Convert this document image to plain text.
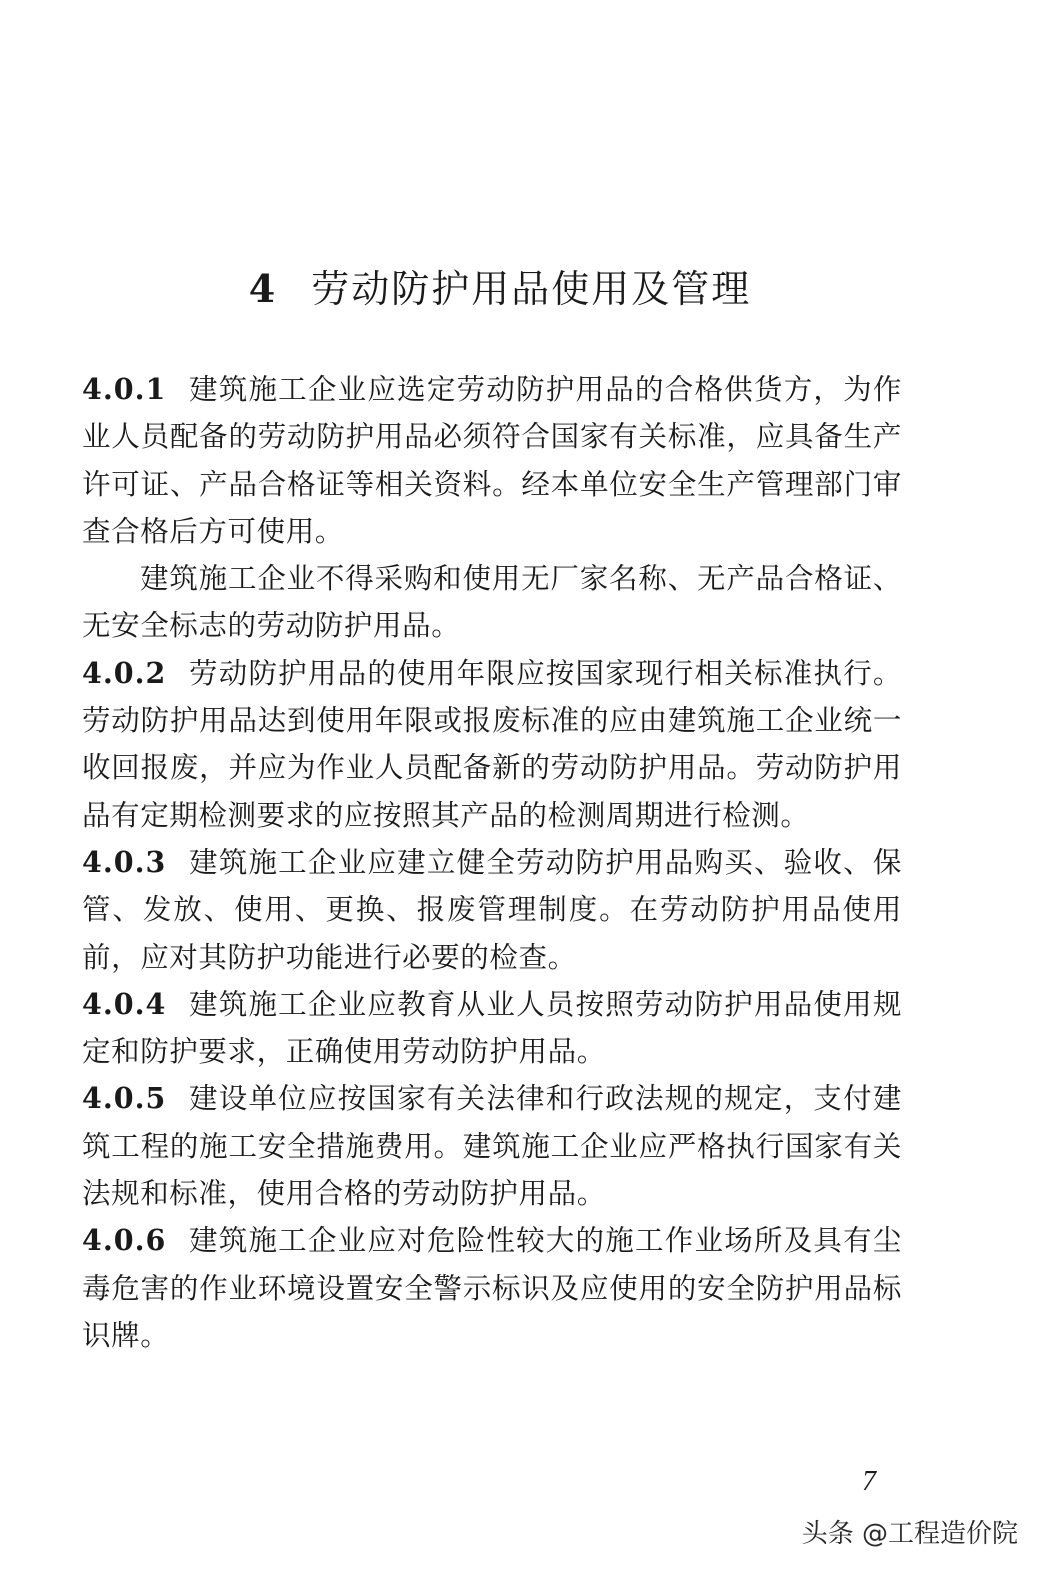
4 劳动防护用品使用及管理

4.0.1 建筑施工企业应选定劳动防护用品的合格供货方，为作业人员配备的劳动防护用品必须符合国家有关标准，应具备生产许可证、产品合格证等相关资料。经本单位安全生产管理部门审查合格后方可使用。

建筑施工企业不得采购和使用无厂家名称、无产品合格证、无安全标志的劳动防护用品。

4.0.2 劳动防护用品的使用年限应按国家现行相关标准执行。劳动防护用品达到使用年限或报废标准的应由建筑施工企业统一收回报废，并应为作业人员配备新的劳动防护用品。劳动防护用品有定期检测要求的应按照其产品的检测周期进行检测。

4.0.3 建筑施工企业应建立健全劳动防护用品购买、验收、保管、发放、使用、更换、报废管理制度。在劳动防护用品使用前，应对其防护功能进行必要的检查。

4.0.4 建筑施工企业应教育从业人员按照劳动防护用品使用规定和防护要求，正确使用劳动防护用品。

4.0.5 建设单位应按国家有关法律和行政法规的规定，支付建筑工程的施工安全措施费用。建筑施工企业应严格执行国家有关法规和标准，使用合格的劳动防护用品。

4.0.6 建筑施工企业应对危险性较大的施工作业场所及具有尘毒危害的作业环境设置安全警示标识及应使用的安全防护用品标识牌。

7
头条 @工程造价院
